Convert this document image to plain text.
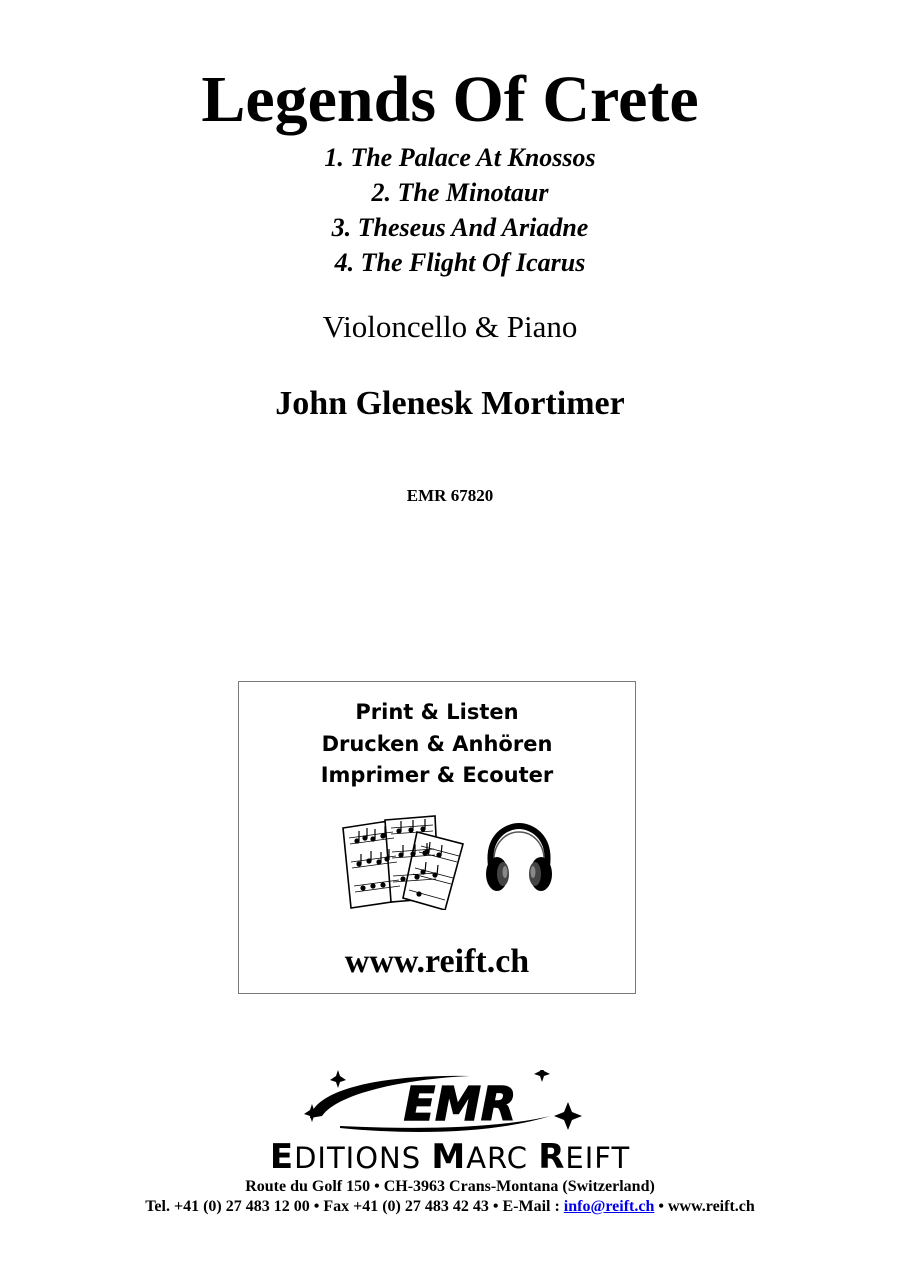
Legends Of Crete
1. The Palace At Knossos
2. The Minotaur
3. Theseus And Ariadne
4. The Flight Of Icarus
Violoncello & Piano
John Glenesk Mortimer
EMR 67820
Print & Listen
Drucken & Anhören
Imprimer & Ecouter
www.reift.ch
EMR
EDITIONS MARC REIFT
Route du Golf 150 • CH-3963 Crans-Montana (Switzerland)
Tel. +41 (0) 27 483 12 00 • Fax +41 (0) 27 483 42 43 • E-Mail : info@reift.ch • www.reift.ch
